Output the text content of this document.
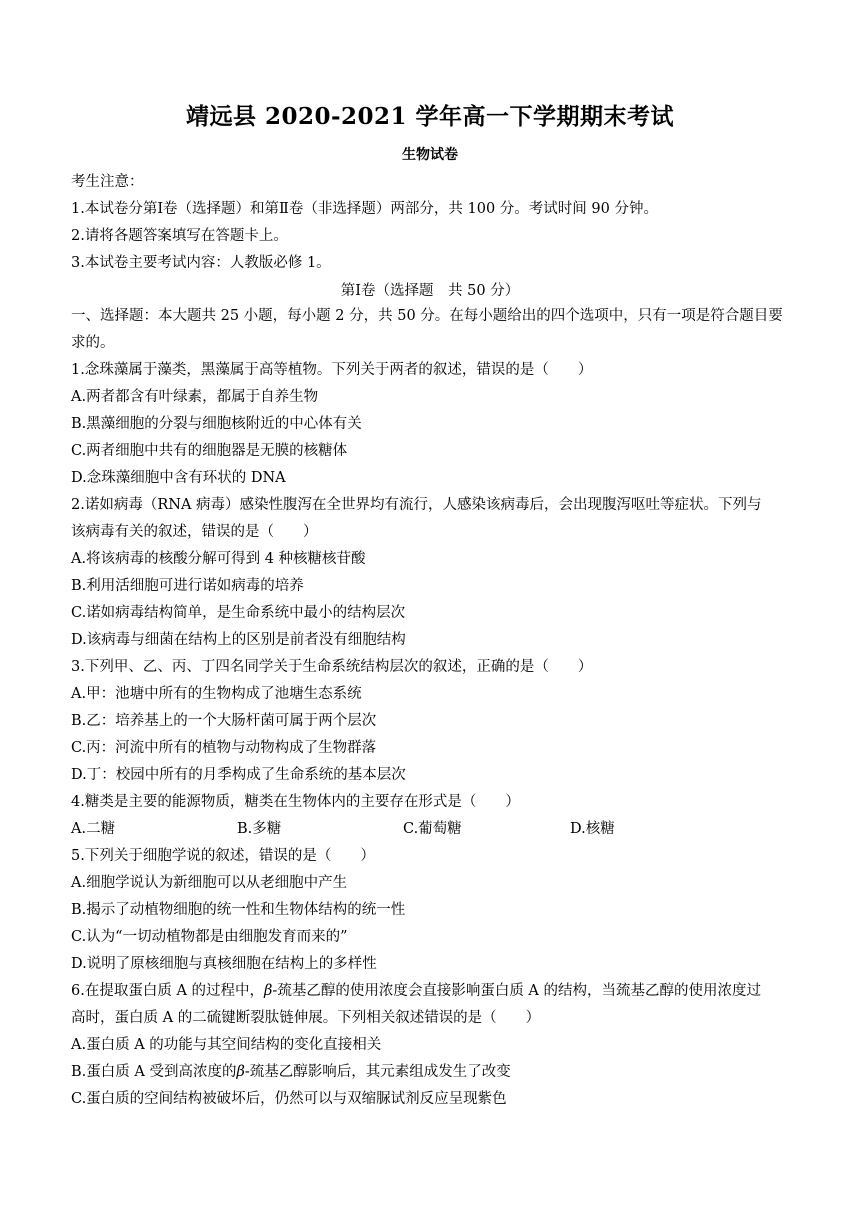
靖远县 2020-2021 学年高一下学期期末考试
生物试卷
考生注意：
1.本试卷分第Ⅰ卷（选择题）和第Ⅱ卷（非选择题）两部分，共 100 分。考试时间 90 分钟。
2.请将各题答案填写在答题卡上。
3.本试卷主要考试内容：人教版必修 1。
第Ⅰ卷（选择题　共 50 分）
一、选择题：本大题共 25 小题，每小题 2 分，共 50 分。在每小题给出的四个选项中，只有一项是符合题目要
求的。
1.念珠藻属于藻类，黑藻属于高等植物。下列关于两者的叙述，错误的是（　　）
A.两者都含有叶绿素，都属于自养生物
B.黑藻细胞的分裂与细胞核附近的中心体有关
C.两者细胞中共有的细胞器是无膜的核糖体
D.念珠藻细胞中含有环状的 DNA
2.诺如病毒（RNA 病毒）感染性腹泻在全世界均有流行，人感染该病毒后，会出现腹泻呕吐等症状。下列与
该病毒有关的叙述，错误的是（　　）
A.将该病毒的核酸分解可得到 4 种核糖核苷酸
B.利用活细胞可进行诺如病毒的培养
C.诺如病毒结构简单，是生命系统中最小的结构层次
D.该病毒与细菌在结构上的区别是前者没有细胞结构
3.下列甲、乙、丙、丁四名同学关于生命系统结构层次的叙述，正确的是（　　）
A.甲：池塘中所有的生物构成了池塘生态系统
B.乙：培养基上的一个大肠杆菌可属于两个层次
C.丙：河流中所有的植物与动物构成了生物群落
D.丁：校园中所有的月季构成了生命系统的基本层次
4.糖类是主要的能源物质，糖类在生物体内的主要存在形式是（　　）
A.二糖	B.多糖	C.葡萄糖	D.核糖
5.下列关于细胞学说的叙述，错误的是（　　）
A.细胞学说认为新细胞可以从老细胞中产生
B.揭示了动植物细胞的统一性和生物体结构的统一性
C.认为“一切动植物都是由细胞发育而来的”
D.说明了原核细胞与真核细胞在结构上的多样性
6.在提取蛋白质 A 的过程中，β-巯基乙醇的使用浓度会直接影响蛋白质 A 的结构，当巯基乙醇的使用浓度过
高时，蛋白质 A 的二硫键断裂肽链伸展。下列相关叙述错误的是（　　）
A.蛋白质 A 的功能与其空间结构的变化直接相关
B.蛋白质 A 受到高浓度的β-巯基乙醇影响后，其元素组成发生了改变
C.蛋白质的空间结构被破坏后，仍然可以与双缩脲试剂反应呈现紫色
